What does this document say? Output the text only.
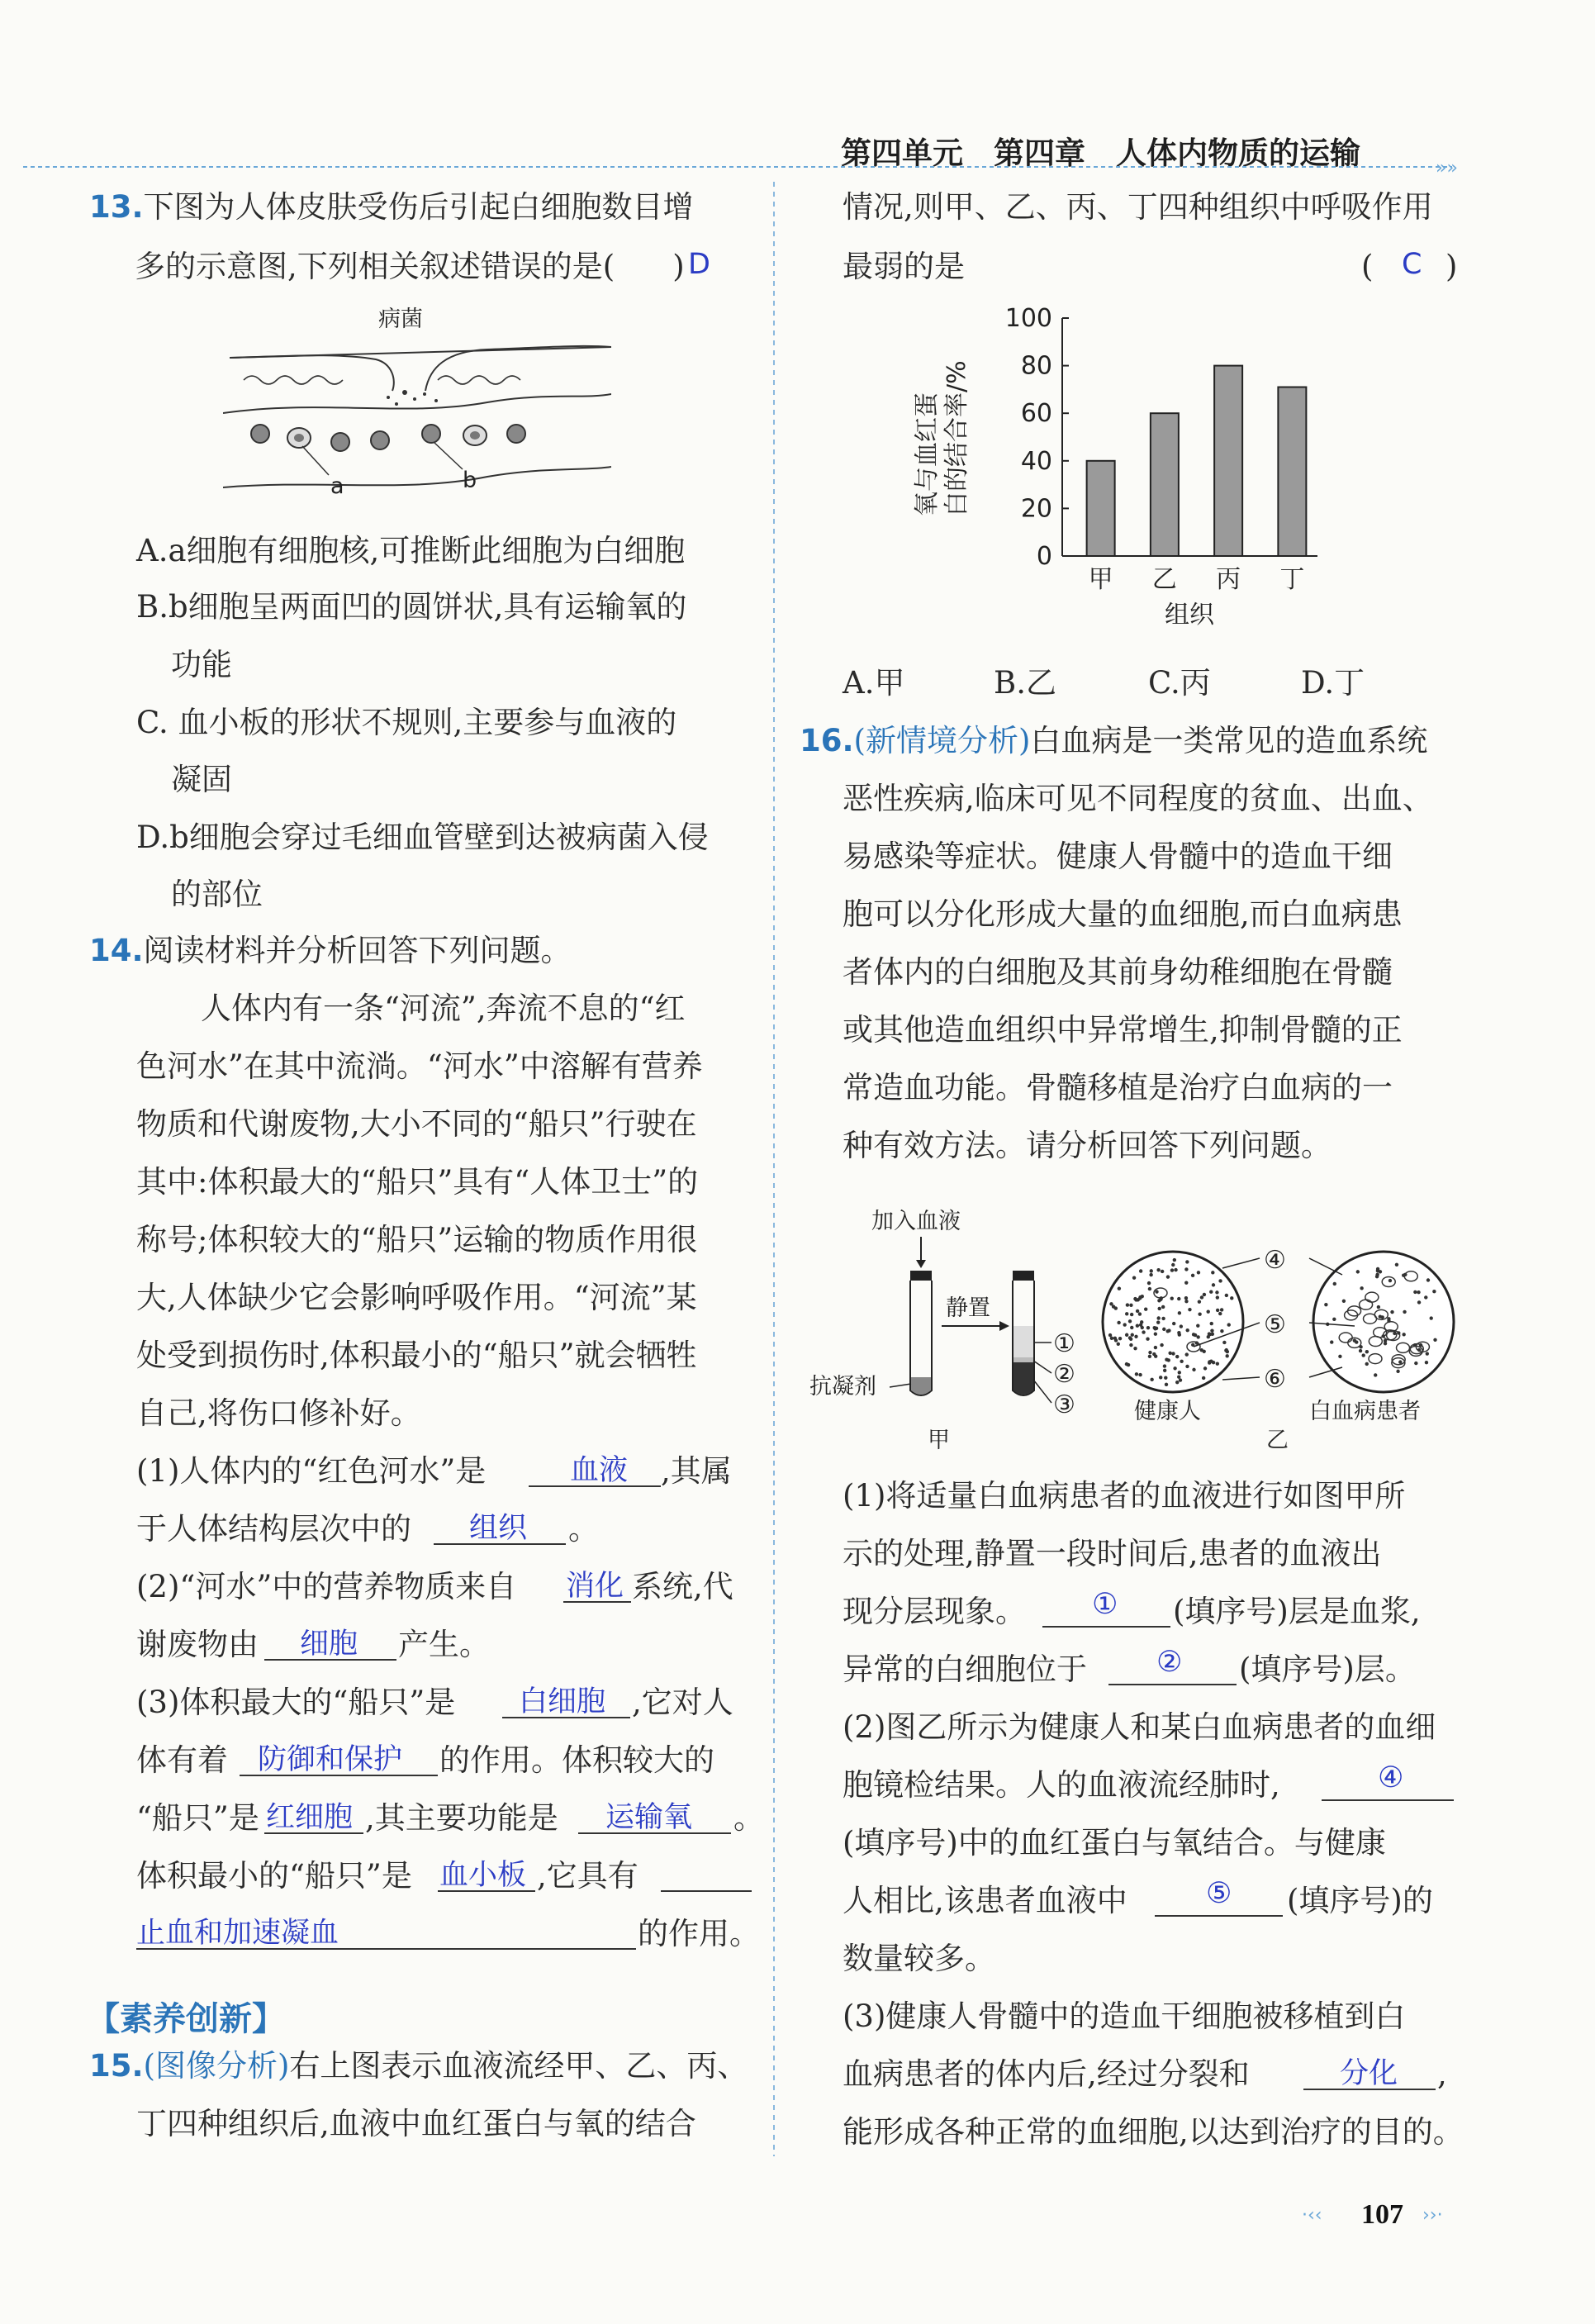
第四单元　第四章　人体内物质的运输	»»
13.下图为人体皮肤受伤后引起白细胞数目增
多的示意图,下列相关叙述错误的是( ) D
病菌
a	b
A.a细胞有细胞核,可推断此细胞为白细胞
B.b细胞呈两面凹的圆饼状,具有运输氧的
功能
C. 血小板的形状不规则,主要参与血液的
凝固
D.b细胞会穿过毛细血管壁到达被病菌入侵
的部位
14.阅读材料并分析回答下列问题。
人体内有一条“河流”,奔流不息的“红
色河水”在其中流淌。“河水”中溶解有营养
物质和代谢废物,大小不同的“船只”行驶在
其中:体积最大的“船只”具有“人体卫士”的
称号;体积较大的“船只”运输的物质作用很
大,人体缺少它会影响呼吸作用。“河流”某
处受到损伤时,体积最小的“船只”就会牺牲
自己,将伤口修补好。
(1)人体内的“红色河水”是	血液 ,其属
于人体结构层次中的 组织 。
(2)“河水”中的营养物质来自 消化 系统,代
谢废物由 细胞 产生。
(3)体积最大的“船只”是 白细胞 ,它对人
体有着 防御和保护 的作用。体积较大的
“船只”是 红细胞 ,其主要功能是 运输氧 。
体积最小的“船只”是 血小板 ,它具有
止血和加速凝血	的作用。
【素养创新】
15.(图像分析)右上图表示血液流经甲、乙、丙、
丁四种组织后,血液中血红蛋白与氧的结合
情况,则甲、乙、丙、丁四种组织中呼吸作用
最弱的是	( C )
氧与血红蛋 白的结合率/%
0
20
40
60
80
100
甲 乙 丙 丁
组织
A.甲	B.乙	C.丙	D.丁
16.(新情境分析)白血病是一类常见的造血系统
恶性疾病,临床可见不同程度的贫血、出血、
易感染等症状。健康人骨髓中的造血干细
胞可以分化形成大量的血细胞,而白血病患
者体内的白细胞及其前身幼稚细胞在骨髓
或其他造血组织中异常增生,抑制骨髓的正
常造血功能。骨髓移植是治疗白血病的一
种有效方法。请分析回答下列问题。
加入血液
抗凝剂
静置
①
②
③
甲
健康人	白血病患者
乙
④
⑤
⑥
(1)将适量白血病患者的血液进行如图甲所
示的处理,静置一段时间后,患者的血液出
现分层现象。 ① (填序号)层是血浆,
异常的白细胞位于 ② (填序号)层。
(2)图乙所示为健康人和某白血病患者的血细
胞镜检结果。人的血液流经肺时,	④
(填序号)中的血红蛋白与氧结合。与健康
人相比,该患者血液中	⑤ (填序号)的
数量较多。
(3)健康人骨髓中的造血干细胞被移植到白
血病患者的体内后,经过分裂和	分化 ,
能形成各种正常的血细胞,以达到治疗的目的。
·‹‹	››·
107
